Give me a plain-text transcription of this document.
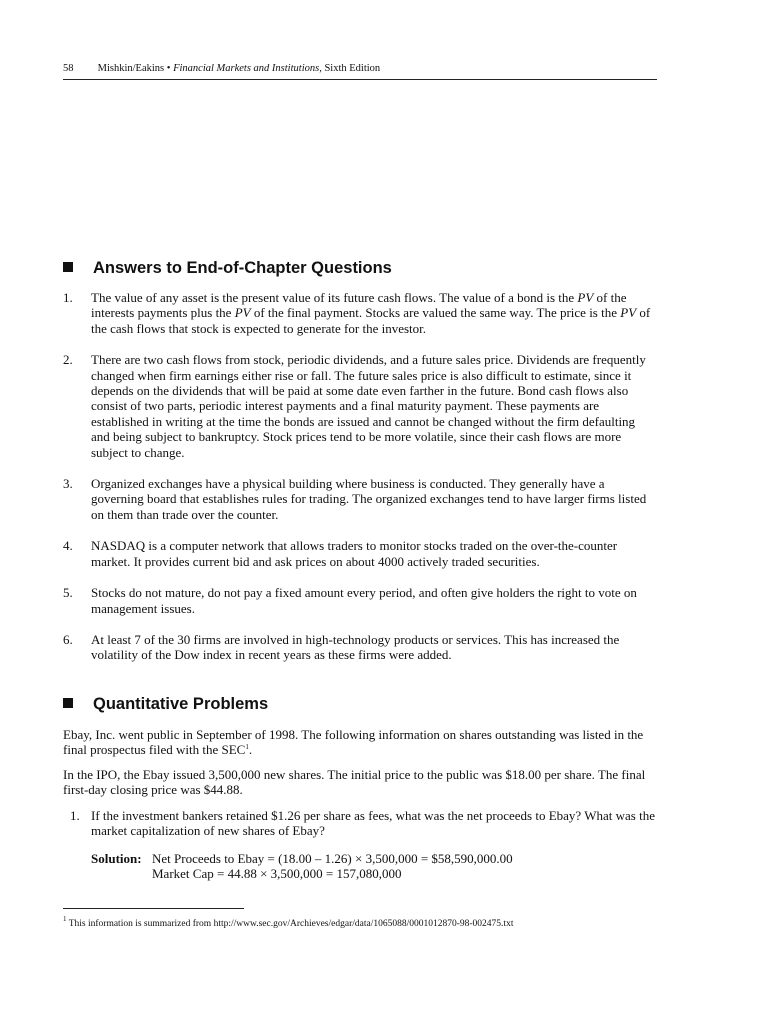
58 Mishkin/Eakins • Financial Markets and Institutions, Sixth Edition
Answers to End-of-Chapter Questions
1. The value of any asset is the present value of its future cash flows. The value of a bond is the PV of the interests payments plus the PV of the final payment. Stocks are valued the same way. The price is the PV of the cash flows that stock is expected to generate for the investor.
2. There are two cash flows from stock, periodic dividends, and a future sales price. Dividends are frequently changed when firm earnings either rise or fall. The future sales price is also difficult to estimate, since it depends on the dividends that will be paid at some date even farther in the future. Bond cash flows also consist of two parts, periodic interest payments and a final maturity payment. These payments are established in writing at the time the bonds are issued and cannot be changed without the firm defaulting and being subject to bankruptcy. Stock prices tend to be more volatile, since their cash flows are more subject to change.
3. Organized exchanges have a physical building where business is conducted. They generally have a governing board that establishes rules for trading. The organized exchanges tend to have larger firms listed on them than trade over the counter.
4. NASDAQ is a computer network that allows traders to monitor stocks traded on the over-the-counter market. It provides current bid and ask prices on about 4000 actively traded securities.
5. Stocks do not mature, do not pay a fixed amount every period, and often give holders the right to vote on management issues.
6. At least 7 of the 30 firms are involved in high-technology products or services. This has increased the volatility of the Dow index in recent years as these firms were added.
Quantitative Problems
Ebay, Inc. went public in September of 1998. The following information on shares outstanding was listed in the final prospectus filed with the SEC$^1$.
In the IPO, the Ebay issued 3,500,000 new shares. The initial price to the public was $18.00 per share. The final first-day closing price was $44.88.
1. If the investment bankers retained $1.26 per share as fees, what was the net proceeds to Ebay? What was the market capitalization of new shares of Ebay?
Solution: Net Proceeds to Ebay = (18.00 – 1.26) × 3,500,000 = $58,590,000.00
Market Cap = 44.88 × 3,500,000 = 157,080,000
$^1$ This information is summarized from http://www.sec.gov/Archieves/edgar/data/1065088/0001012870-98-002475.txt
